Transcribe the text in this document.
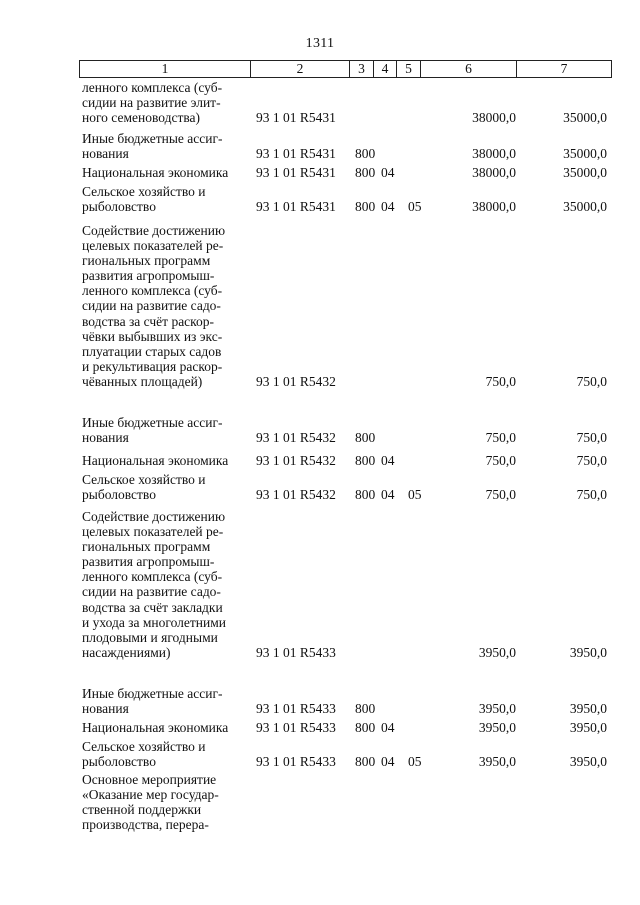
1311
1	2	3	4	5	6	7
ленного комплекса (суб-
сидии на развитие элит-
ного семеноводства)	93 1 01 R5431	38000,0	35000,0
Иные бюджетные ассиг-
нования	93 1 01 R5431 800	38000,0	35000,0
Национальная экономика	93 1 01 R5431 800 04	38000,0	35000,0
Сельское хозяйство и
рыболовство	93 1 01 R5431 800 04 05	38000,0	35000,0
Содействие достижению
целевых показателей ре-
гиональных программ
развития агропромыш-
ленного комплекса (суб-
сидии на развитие садо-
водства за счёт раскор-
чёвки выбывших из экс-
плуатации старых садов
и рекультивация раскор-
чёванных площадей)	93 1 01 R5432	750,0	750,0
Иные бюджетные ассиг-
нования	93 1 01 R5432 800	750,0	750,0
Национальная экономика	93 1 01 R5432 800 04	750,0	750,0
Сельское хозяйство и
рыболовство	93 1 01 R5432 800 04 05	750,0	750,0
Содействие достижению
целевых показателей ре-
гиональных программ
развития агропромыш-
ленного комплекса (суб-
сидии на развитие садо-
водства за счёт закладки
и ухода за многолетними
плодовыми и ягодными
насаждениями)	93 1 01 R5433	3950,0	3950,0
Иные бюджетные ассиг-
нования	93 1 01 R5433 800	3950,0	3950,0
Национальная экономика	93 1 01 R5433 800 04	3950,0	3950,0
Сельское хозяйство и
рыболовство	93 1 01 R5433 800 04 05	3950,0	3950,0
Основное мероприятие
«Оказание мер государ-
ственной поддержки
производства, перера-
